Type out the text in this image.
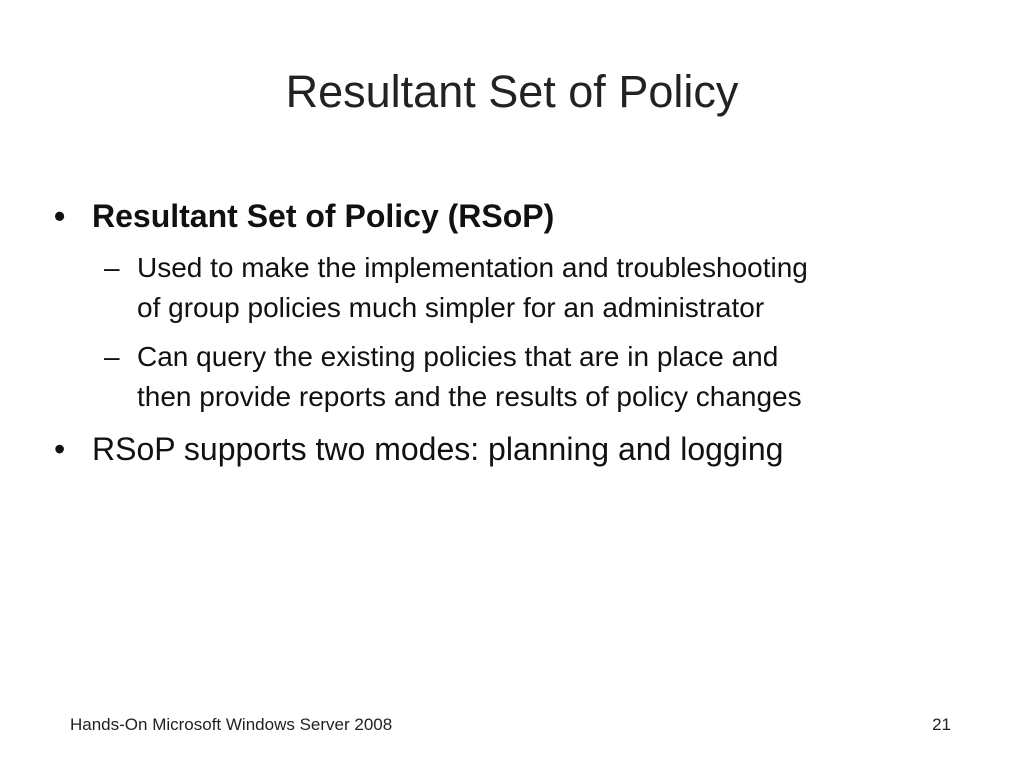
Resultant Set of Policy
• Resultant Set of Policy (RSoP)
– Used to make the implementation and troubleshooting
of group policies much simpler for an administrator
– Can query the existing policies that are in place and
then provide reports and the results of policy changes
• RSoP supports two modes: planning and logging
Hands-On Microsoft Windows Server 2008	21
